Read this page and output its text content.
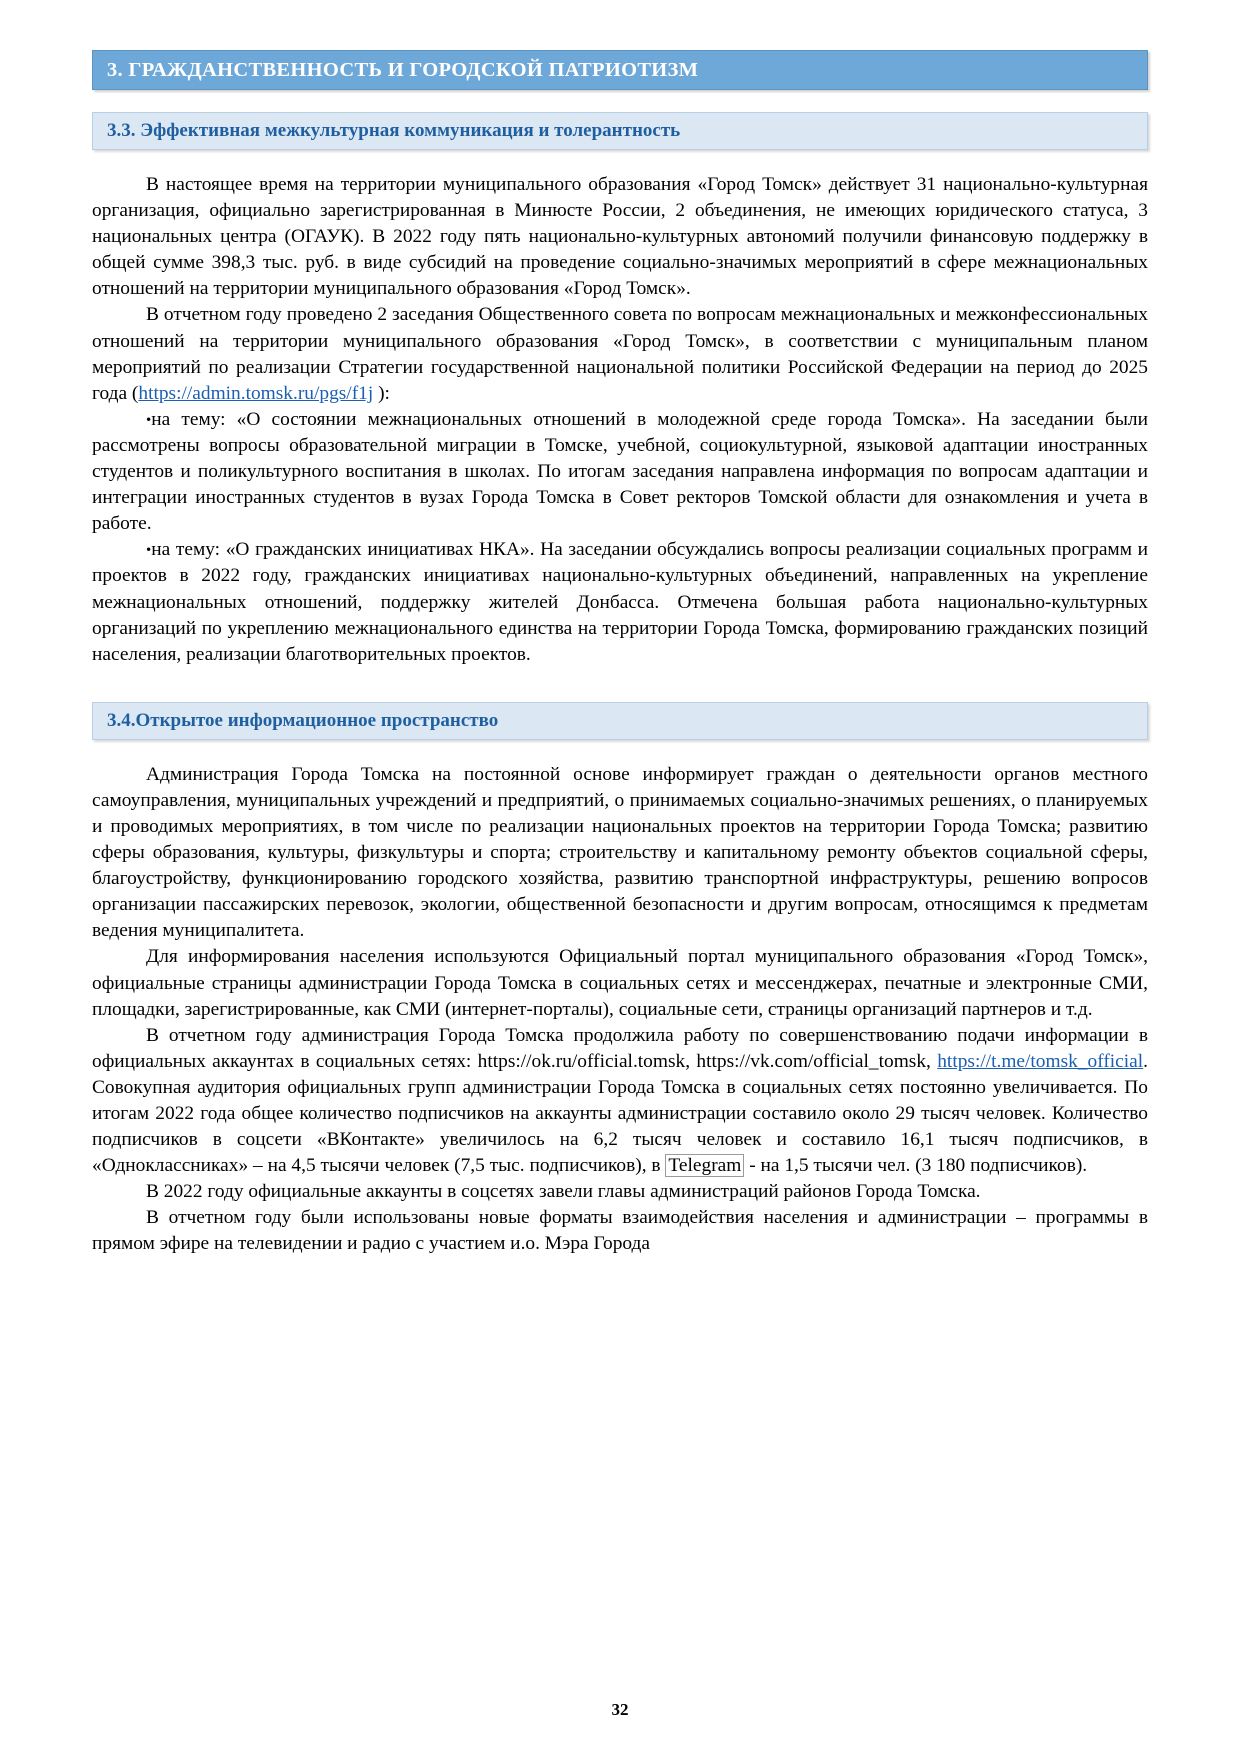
3. ГРАЖДАНСТВЕННОСТЬ И ГОРОДСКОЙ ПАТРИОТИЗМ
3.3. Эффективная межкультурная коммуникация и толерантность

В настоящее время на территории муниципального образования «Город Томск» действует 31 национально-культурная организация, официально зарегистрированная в Минюсте России, 2 объединения, не имеющих юридического статуса, 3 национальных центра (ОГАУК). В 2022 году пять национально-культурных автономий получили финансовую поддержку в общей сумме 398,3 тыс. руб. в виде субсидий на проведение социально-значимых мероприятий в сфере межнациональных отношений на территории муниципального образования «Город Томск».

В отчетном году проведено 2 заседания Общественного совета по вопросам межнациональных и межконфессиональных отношений на территории муниципального образования «Город Томск», в соответствии с муниципальным планом мероприятий по реализации Стратегии государственной национальной политики Российской Федерации на период до 2025 года (https://admin.tomsk.ru/pgs/f1j ):

•на тему: «О состоянии межнациональных отношений в молодежной среде города Томска». На заседании были рассмотрены вопросы образовательной миграции в Томске, учебной, социокультурной, языковой адаптации иностранных студентов и поликультурного воспитания в школах. По итогам заседания направлена информация по вопросам адаптации и интеграции иностранных студентов в вузах Города Томска в Совет ректоров Томской области для ознакомления и учета в работе.

•на тему: «О гражданских инициативах НКА». На заседании обсуждались вопросы реализации социальных программ и проектов в 2022 году, гражданских инициативах национально-культурных объединений, направленных на укрепление межнациональных отношений, поддержку жителей Донбасса. Отмечена большая работа национально-культурных организаций по укреплению межнационального единства на территории Города Томска, формированию гражданских позиций населения, реализации благотворительных проектов.

3.4.Открытое информационное пространство

Администрация Города Томска на постоянной основе информирует граждан о деятельности органов местного самоуправления, муниципальных учреждений и предприятий, о принимаемых социально-значимых решениях, о планируемых и проводимых мероприятиях, в том числе по реализации национальных проектов на территории Города Томска; развитию сферы образования, культуры, физкультуры и спорта; строительству и капитальному ремонту объектов социальной сферы, благоустройству, функционированию городского хозяйства, развитию транспортной инфраструктуры, решению вопросов организации пассажирских перевозок, экологии, общественной безопасности и другим вопросам, относящимся к предметам ведения муниципалитета.

Для информирования населения используются Официальный портал муниципального образования «Город Томск», официальные страницы администрации Города Томска в социальных сетях и мессенджерах, печатные и электронные СМИ, площадки, зарегистрированные, как СМИ (интернет-порталы), социальные сети, страницы организаций партнеров и т.д.

В отчетном году администрация Города Томска продолжила работу по совершенствованию подачи информации в официальных аккаунтах в социальных сетях: https://ok.ru/official.tomsk, https://vk.com/official_tomsk, https://t.me/tomsk_official. Совокупная аудитория официальных групп администрации Города Томска в социальных сетях постоянно увеличивается. По итогам 2022 года общее количество подписчиков на аккаунты администрации составило около 29 тысяч человек. Количество подписчиков в соцсети «ВКонтакте» увеличилось на 6,2 тысяч человек и составило 16,1 тысяч подписчиков, в «Одноклассниках» – на 4,5 тысячи человек (7,5 тыс. подписчиков), в Telegram - на 1,5 тысячи чел. (3 180 подписчиков).

В 2022 году официальные аккаунты в соцсетях завели главы администраций районов Города Томска.

В отчетном году были использованы новые форматы взаимодействия населения и администрации – программы в прямом эфире на телевидении и радио с участием и.о. Мэра Города

32
